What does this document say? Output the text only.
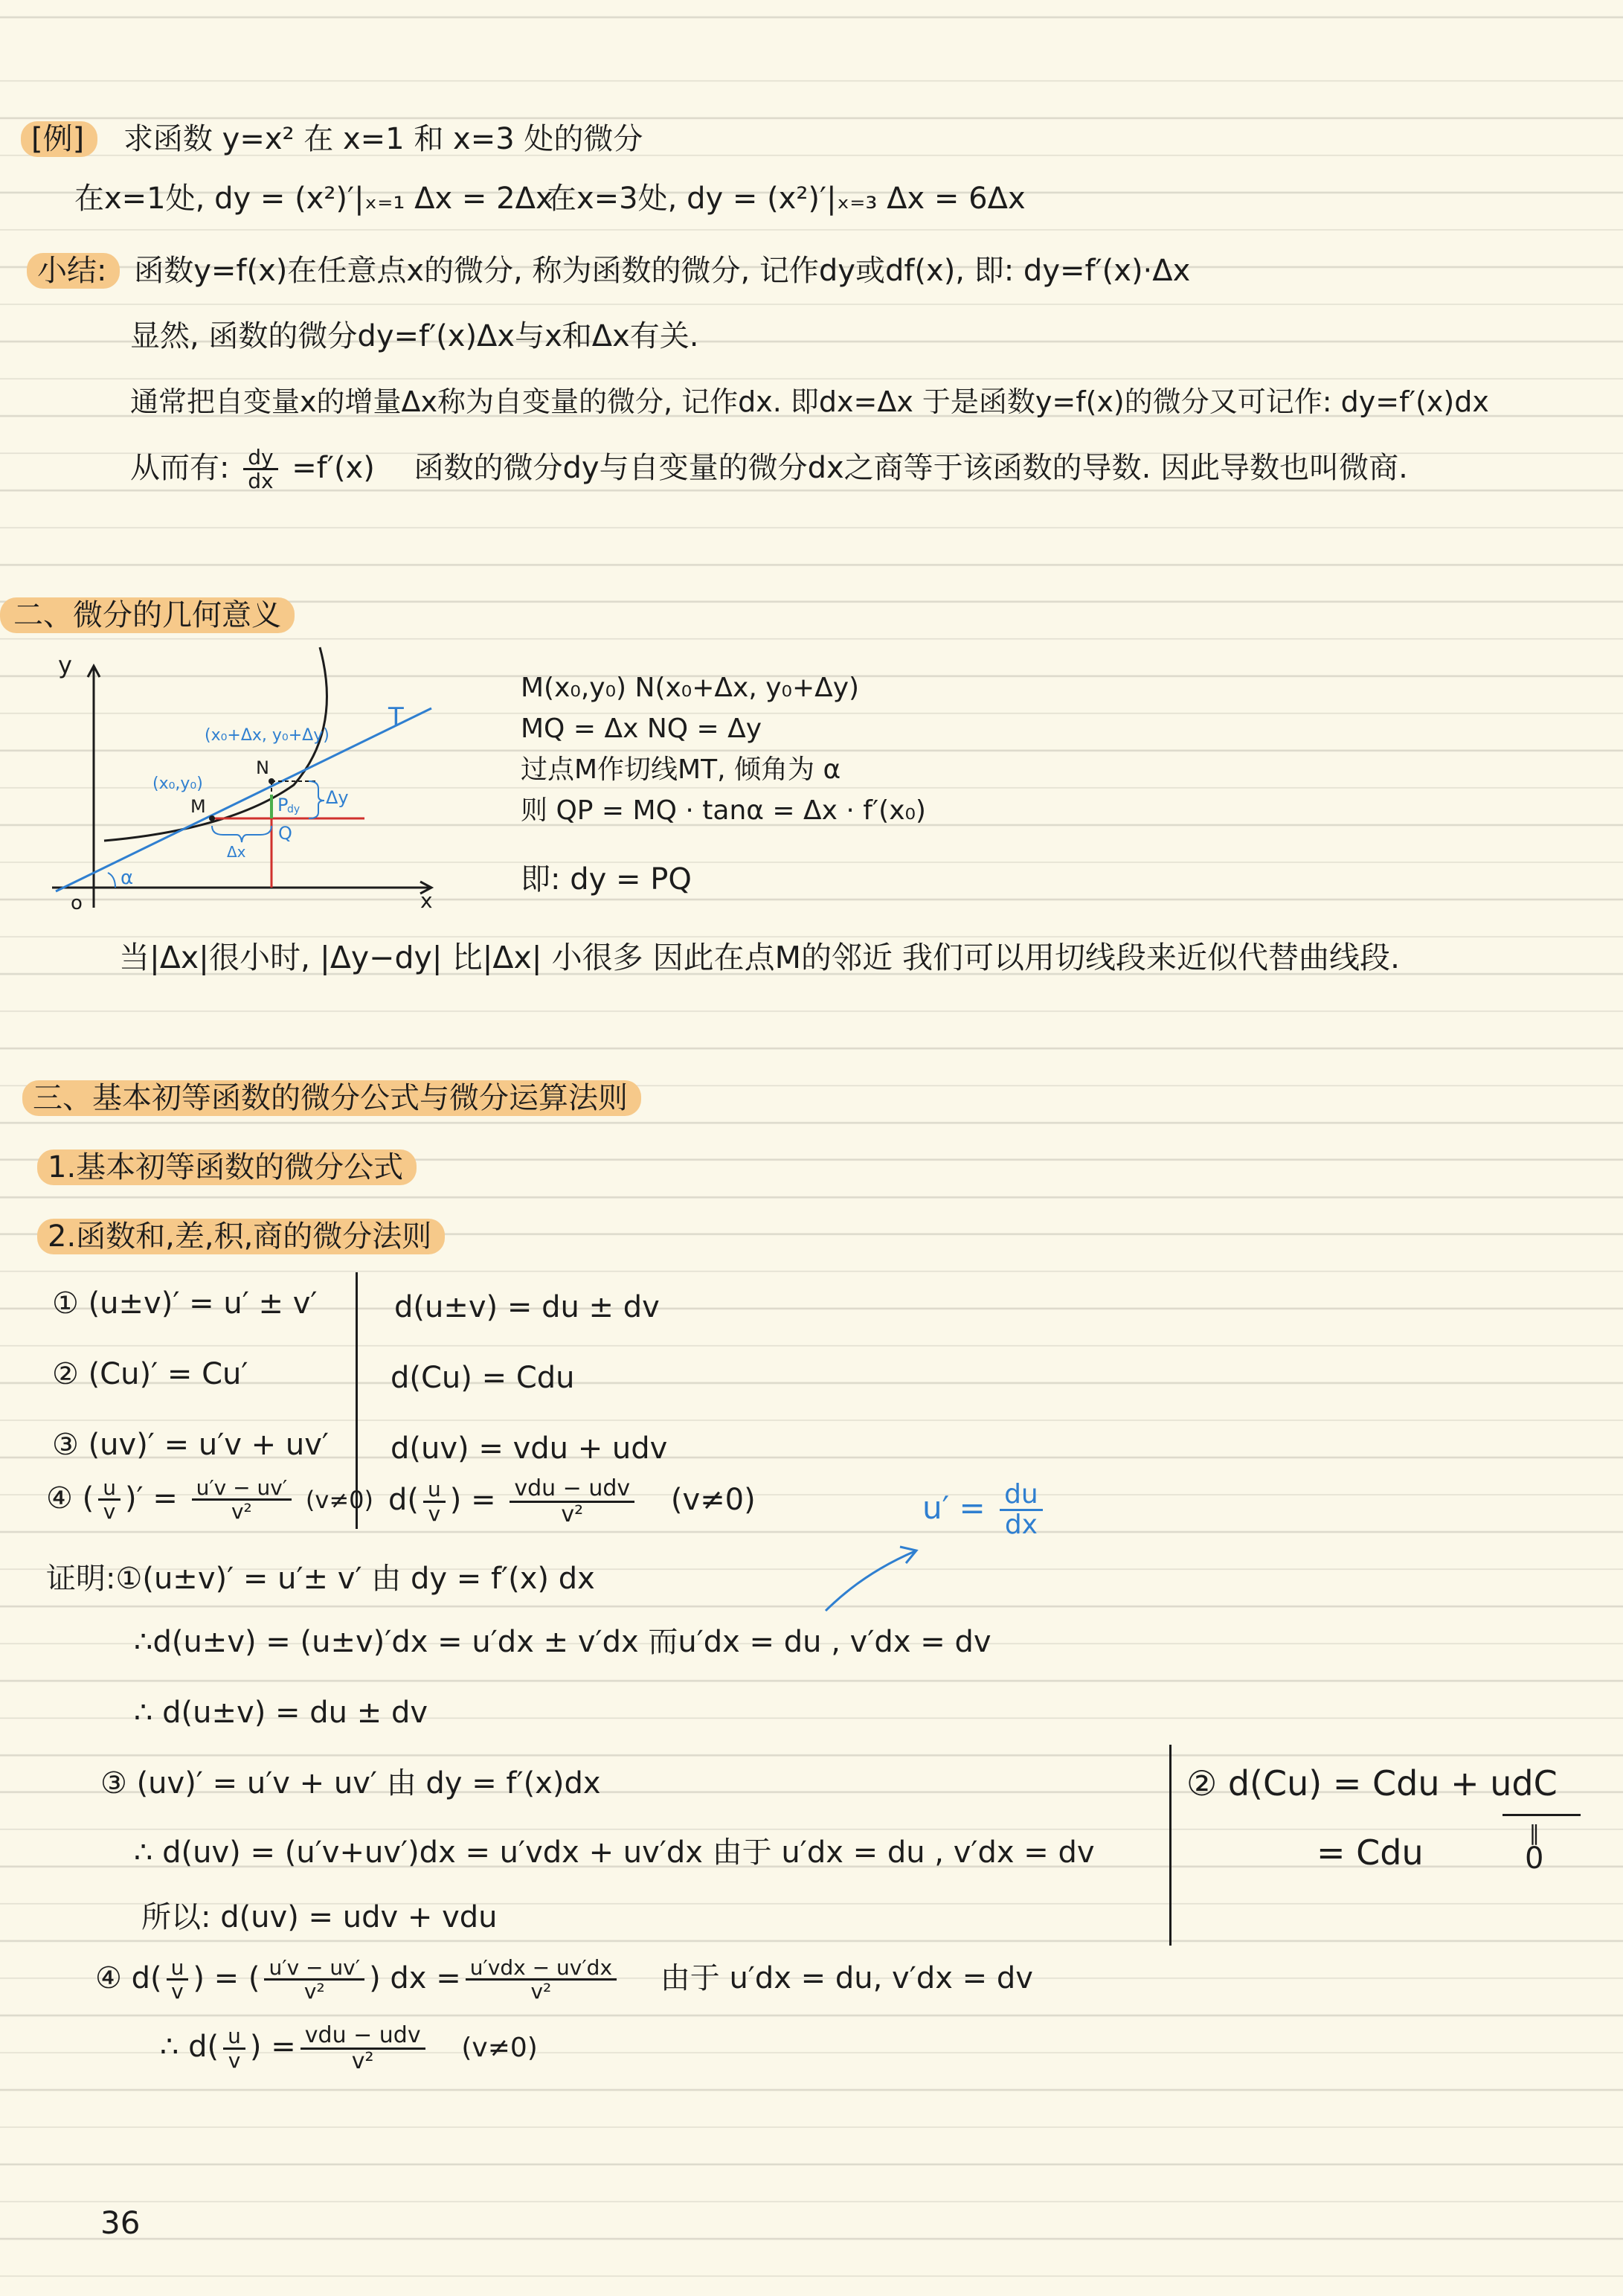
[例] 求函数 y=x² 在 x=1 和 x=3 处的微分
在x=1处, dy = (x²)′|ₓ₌₁ Δx = 2Δx
在x=3处, dy = (x²)′|ₓ₌₃ Δx = 6Δx
小结: 函数y=f(x)在任意点x的微分, 称为函数的微分, 记作dy或df(x), 即: dy=f′(x)·Δx
显然, 函数的微分dy=f′(x)Δx与x和Δx有关.
通常把自变量x的增量Δx称为自变量的微分, 记作dx. 即dx=Δx 于是函数y=f(x)的微分又可记作: dy=f′(x)dx
从而有: $\frac{dy}{dx} =f'(x)$ 函数的微分dy与自变量的微分dx之商等于该函数的导数. 因此导数也叫微商.
二、微分的几何意义
y
x
o
T
(x₀,y₀)
(x₀+Δx, y₀+Δy)
M
N
P
dy
Q
Δy
Δx
α
M(x₀,y₀) N(x₀+Δx, y₀+Δy)
MQ = Δx NQ = Δy
过点M作切线MT, 倾角为 α
则 QP = MQ · tanα = Δx · f′(x₀)
即: dy = PQ
当|Δx|很小时, |Δy−dy| 比|Δx| 小很多 因此在点M的邻近 我们可以用切线段来近似代替曲线段.
三、基本初等函数的微分公式与微分运算法则
1.基本初等函数的微分公式
2.函数和,差,积,商的微分法则
① (u±v)′ = u′ ± v′	d(u±v) = du ± dv
② (Cu)′ = Cu′	d(Cu) = Cdu
③ (uv)′ = u′v + uv′ d(uv) = vdu + udv
④ ( $\frac{u}{v}$ )′ = $\frac{u'v - uv'}{\text{v²}} (v\ne 0)$ $d( \frac{u}{v}$ ) = $\frac{\text{vdu − udv}}{\text{v²}} (v\ne 0)$	$u' = \frac{du}{dx}$
证明:①(u±v)′ = u′± v′ 由 dy = f′(x) dx
∴d(u±v) = (u±v)′dx = u′dx ± v′dx 而u′dx = du , v′dx = dv
∴ d(u±v) = du ± dv
③ (uv)′ = u′v + uv′ 由 dy = f′(x)dx
∴ d(uv) = (u′v+uv′)dx = u′vdx + uv′dx 由于 u′dx = du , v′dx = dv
所以: d(uv) = udv + vdu
④ $d( \frac{u}{v}$ ) = ( $\frac{u'v - uv'}{\text{v²}}$ ) dx = $\frac{\text{u′vdx − uv′dx}}{\text{v²}}$ 由于 u′dx = du, v′dx = dv
∴ $d( \frac{u}{v}$ ) = $\frac{\text{vdu − udv}}{\text{v²}} (v\ne 0)$
② d(Cu) = Cdu + udC
= Cdu	‖
0
36
